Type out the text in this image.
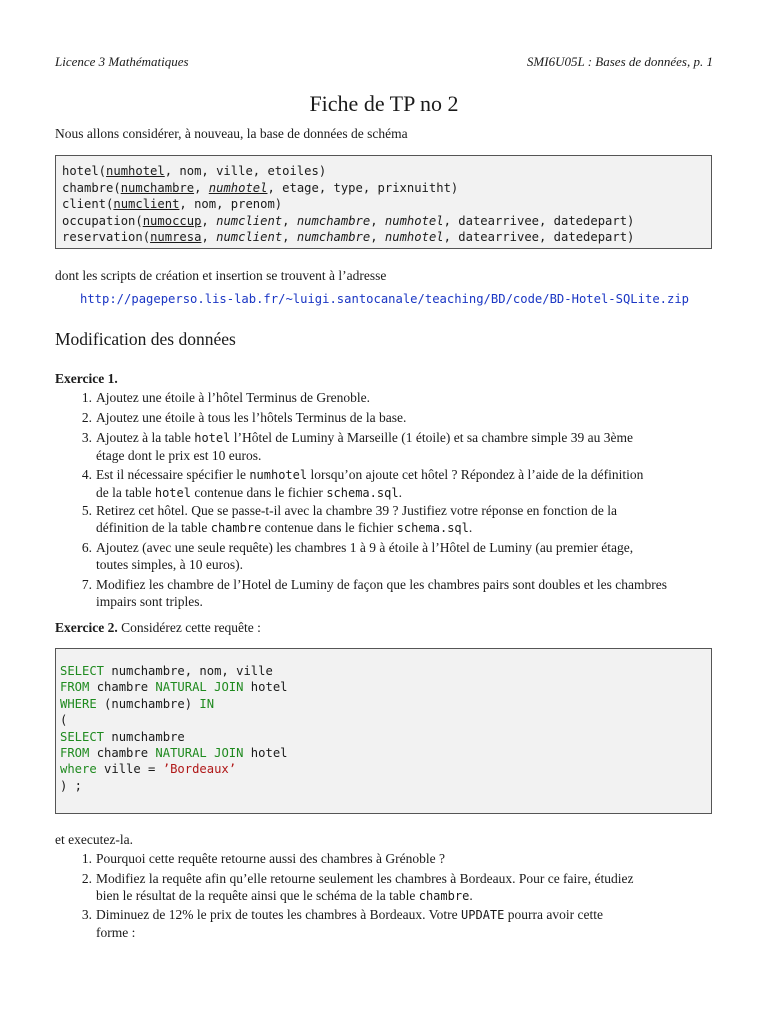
Licence 3 Mathématiques	SMI6U05L : Bases de données, p. 1
Fiche de TP no 2
Nous allons considérer, à nouveau, la base de données de schéma
hotel(numhotel, nom, ville, etoiles)
chambre(numchambre, numhotel, etage, type, prixnuitht)
client(numclient, nom, prenom)
occupation(numoccup, numclient, numchambre, numhotel, datearrivee, datedepart)
reservation(numresa, numclient, numchambre, numhotel, datearrivee, datedepart)
dont les scripts de création et insertion se trouvent à l’adresse
http://pageperso.lis-lab.fr/~luigi.santocanale/teaching/BD/code/BD-Hotel-SQLite.zip
Modification des données
Exercice 1.
1. Ajoutez une étoile à l’hôtel Terminus de Grenoble.
2. Ajoutez une étoile à tous les l’hôtels Terminus de la base.
3. Ajoutez à la table hotel l’Hôtel de Luminy à Marseille (1 étoile) et sa chambre simple 39 au 3ème
étage dont le prix est 10 euros.
4. Est il nécessaire spécifier le numhotel lorsqu’on ajoute cet hôtel ? Répondez à l’aide de la définition
de la table hotel contenue dans le fichier schema.sql.
5. Retirez cet hôtel. Que se passe-t-il avec la chambre 39 ? Justifiez votre réponse en fonction de la
définition de la table chambre contenue dans le fichier schema.sql.
6. Ajoutez (avec une seule requête) les chambres 1 à 9 à étoile à l’Hôtel de Luminy (au premier étage,
toutes simples, à 10 euros).
7. Modifiez les chambre de l’Hotel de Luminy de façon que les chambres pairs sont doubles et les chambres
impairs sont triples.
Exercice 2. Considérez cette requête :
SELECT numchambre, nom, ville
FROM chambre NATURAL JOIN hotel
WHERE (numchambre) IN
(
SELECT numchambre
FROM chambre NATURAL JOIN hotel
where ville = ’Bordeaux’
) ;
et executez-la.
1. Pourquoi cette requête retourne aussi des chambres à Grénoble ?
2. Modifiez la requête afin qu’elle retourne seulement les chambres à Bordeaux. Pour ce faire, étudiez
bien le résultat de la requête ainsi que le schéma de la table chambre.
3. Diminuez de 12% le prix de toutes les chambres à Bordeaux. Votre UPDATE pourra avoir cette
forme :
